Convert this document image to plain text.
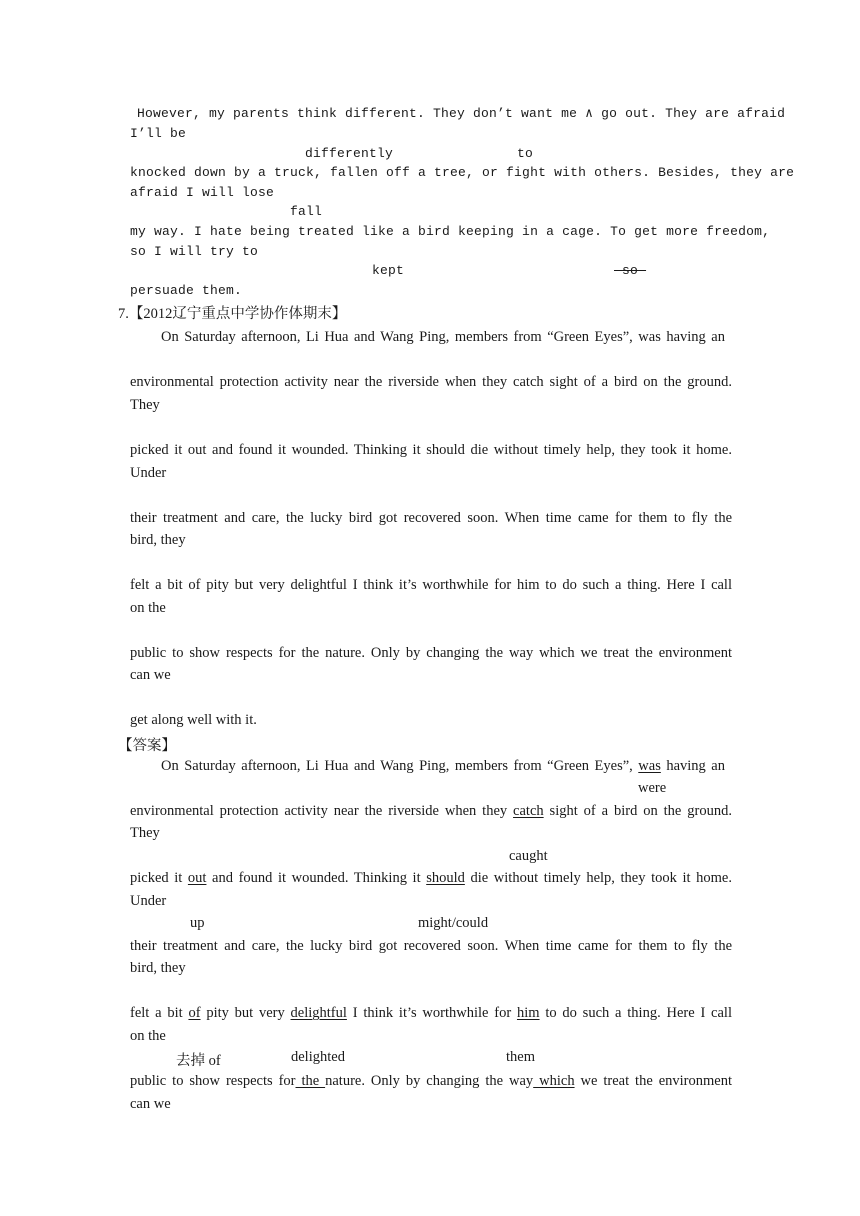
However, my parents think different. They don’t want me ∧ go out. They are afraid
I’ll be
differently	to
knocked down by a truck, fallen off a tree, or fight with others. Besides, they are
afraid I will lose
fall
my way. I hate being treated like a bird keeping in a cage. To get more freedom,
so I will try to
kept	so
persuade them.
7.【2012辽宁重点中学协作体期末】
On Saturday afternoon, Li Hua and Wang Ping, members from “Green Eyes”, was having an
environmental protection activity near the riverside when they catch sight of a bird on the ground.
They
picked it out and found it wounded. Thinking it should die without timely help, they took it home.
Under
their treatment and care, the lucky bird got recovered soon. When time came for them to fly the
bird, they
felt a bit of pity but very delightful I think it’s worthwhile for him to do such a thing. Here I call
on the
public to show respects for the nature. Only by changing the way which we treat the environment
can we
get along well with it.
【答案】
On Saturday afternoon, Li Hua and Wang Ping, members from “Green Eyes”, was having an
were
environmental protection activity near the riverside when they catch sight of a bird on the ground.
They
caught
picked it out and found it wounded. Thinking it should die without timely help, they took it home.
Under
up	might/could
their treatment and care, the lucky bird got recovered soon. When time came for them to fly the
bird, they
felt a bit of pity but very delightful I think it’s worthwhile for him to do such a thing. Here I call
on the
去掉 of	delighted	them
public to show respects for the nature. Only by changing the way which we treat the environment
can we
